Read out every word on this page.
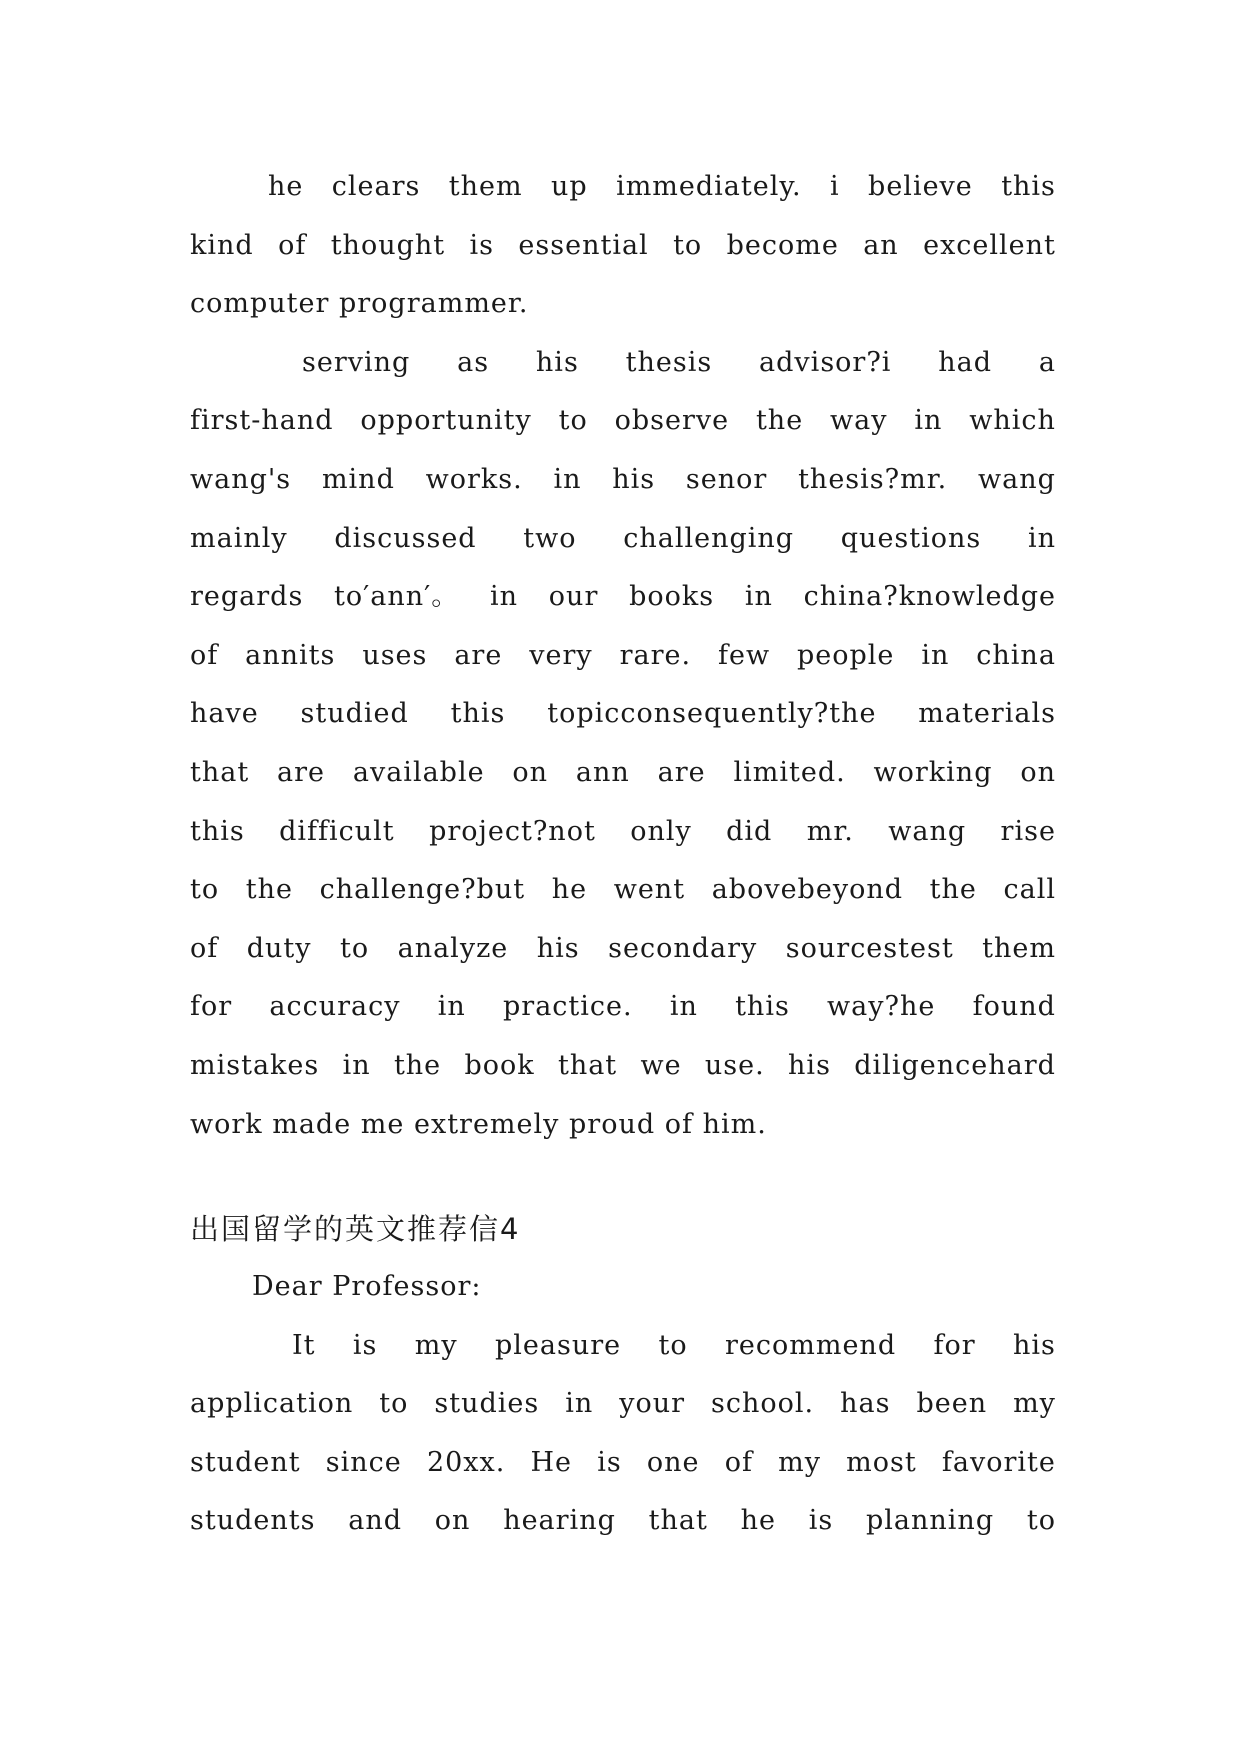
he clears them up immediately. i believe this
kind of thought is essential to become an excellent
computer programmer.
serving as his thesis advisor?i had a
first-hand opportunity to observe the way in which
wang's mind works. in his senor thesis?mr. wang
mainly discussed two challenging questions in
regards to′ann′。 in our books in china?knowledge
of annits uses are very rare. few people in china
have studied this topicconsequently?the materials
that are available on ann are limited. working on
this difficult project?not only did mr. wang rise
to the challenge?but he went abovebeyond the call
of duty to analyze his secondary sourcestest them
for accuracy in practice. in this way?he found
mistakes in the book that we use. his diligencehard
work made me extremely proud of him.
出国留学的英文推荐信4
Dear Professor:
It is my pleasure to recommend for his
application to studies in your school. has been my
student since 20xx. He is one of my most favorite
students and on hearing that he is planning to
